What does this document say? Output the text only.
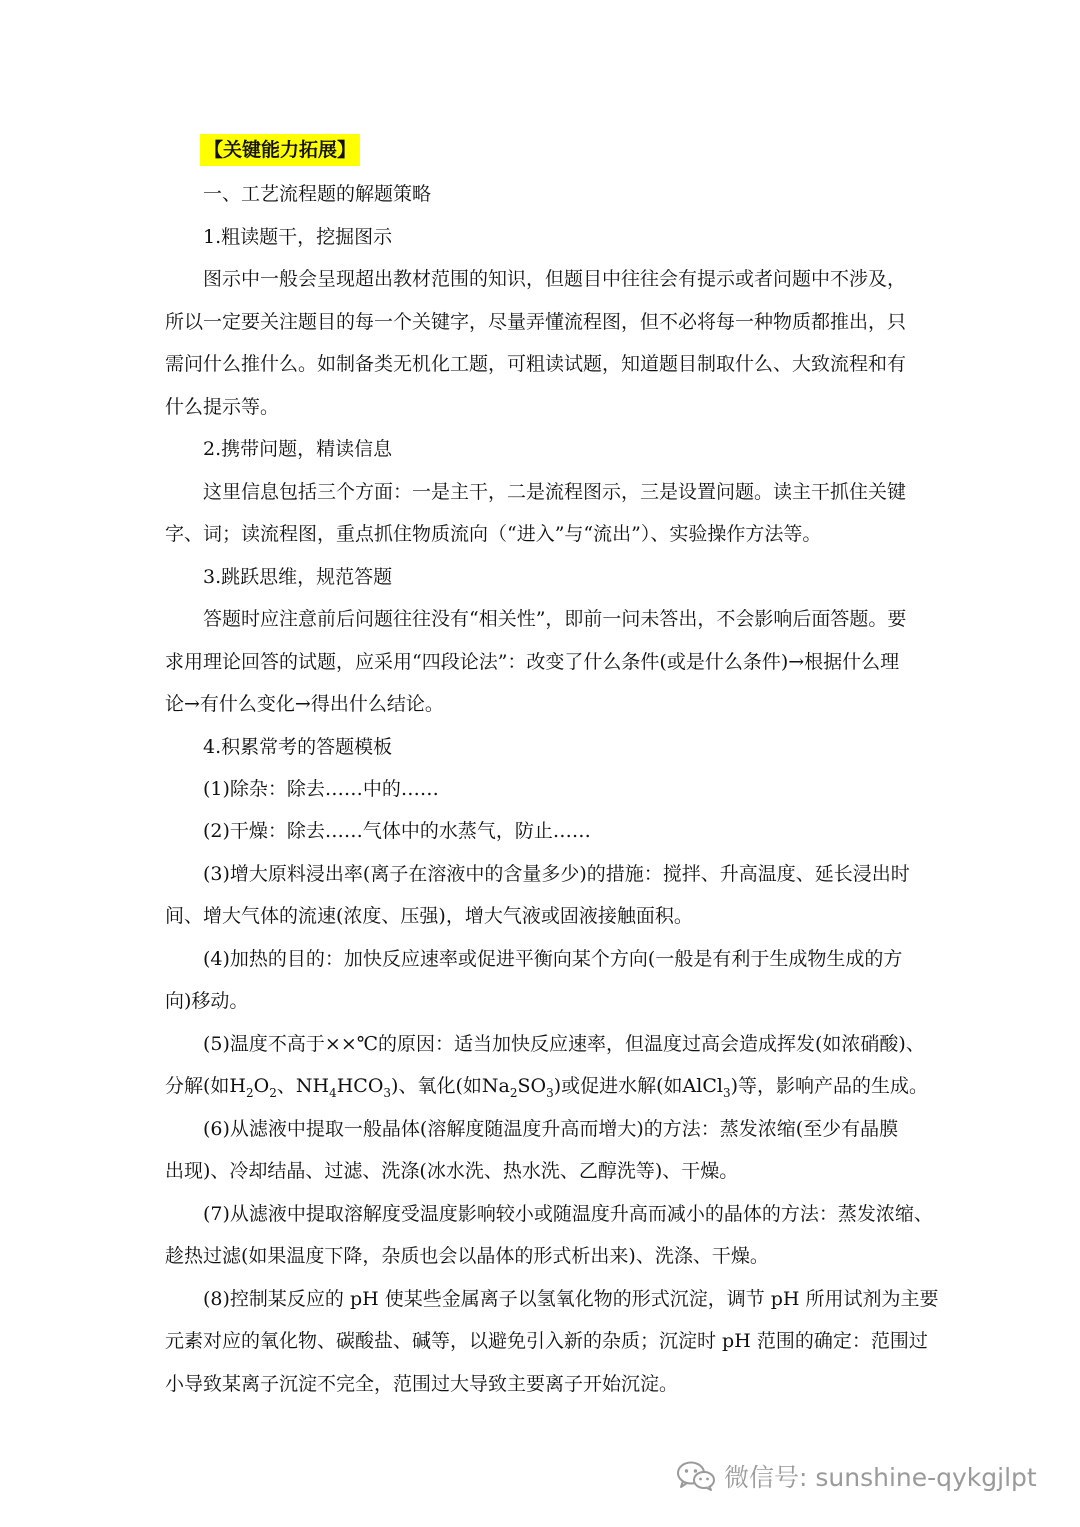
【关键能力拓展】
一、工艺流程题的解题策略
1.粗读题干，挖掘图示
图示中一般会呈现超出教材范围的知识，但题目中往往会有提示或者问题中不涉及，
所以一定要关注题目的每一个关键字，尽量弄懂流程图，但不必将每一种物质都推出，只
需问什么推什么。如制备类无机化工题，可粗读试题，知道题目制取什么、大致流程和有
什么提示等。
2.携带问题，精读信息
这里信息包括三个方面：一是主干，二是流程图示，三是设置问题。读主干抓住关键
字、词；读流程图，重点抓住物质流向（“进入”与“流出”）、实验操作方法等。
3.跳跃思维，规范答题
答题时应注意前后问题往往没有“相关性”，即前一问未答出，不会影响后面答题。要
求用理论回答的试题，应采用“四段论法”：改变了什么条件(或是什么条件)→根据什么理
论→有什么变化→得出什么结论。
4.积累常考的答题模板
(1)除杂：除去……中的……
(2)干燥：除去……气体中的水蒸气，防止……
(3)增大原料浸出率(离子在溶液中的含量多少)的措施：搅拌、升高温度、延长浸出时
间、增大气体的流速(浓度、压强)，增大气液或固液接触面积。
(4)加热的目的：加快反应速率或促进平衡向某个方向(一般是有利于生成物生成的方
向)移动。
(5)温度不高于××℃的原因：适当加快反应速率，但温度过高会造成挥发(如浓硝酸)、
分解(如$H_2O_2$、$NH_4HCO_3$)、氧化(如$Na_2SO_3$)或促进水解(如AlCl$_3$)等，影响产品的生成。
(6)从滤液中提取一般晶体(溶解度随温度升高而增大)的方法：蒸发浓缩(至少有晶膜
出现)、冷却结晶、过滤、洗涤(冰水洗、热水洗、乙醇洗等)、干燥。
(7)从滤液中提取溶解度受温度影响较小或随温度升高而减小的晶体的方法：蒸发浓缩、
趁热过滤(如果温度下降，杂质也会以晶体的形式析出来)、洗涤、干燥。
(8)控制某反应的 pH 使某些金属离子以氢氧化物的形式沉淀，调节 pH 所用试剂为主要
元素对应的氧化物、碳酸盐、碱等，以避免引入新的杂质；沉淀时 pH 范围的确定：范围过
小导致某离子沉淀不完全，范围过大导致主要离子开始沉淀。
微信号: sunshine-qykgjlpt
